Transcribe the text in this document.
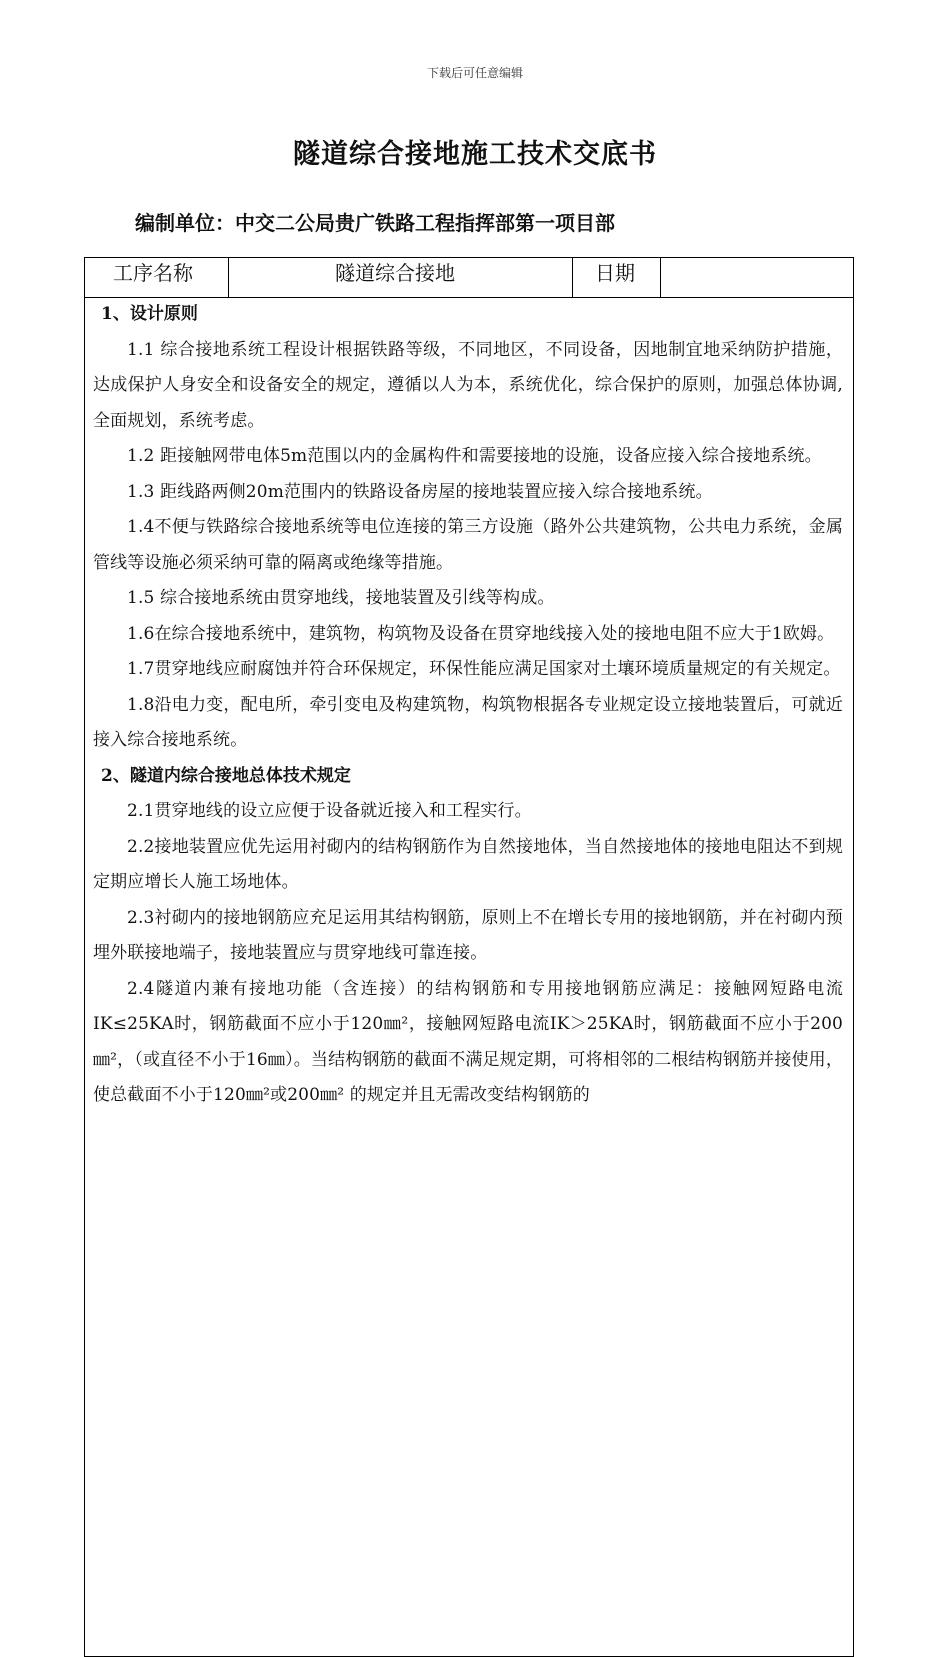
下载后可任意编辑
隧道综合接地施工技术交底书
编制单位：中交二公局贵广铁路工程指挥部第一项目部
工序名称	隧道综合接地	日期

1、设计原则

1.1 综合接地系统工程设计根据铁路等级，不同地区，不同设备，因地制宜地采纳防护措施，达成保护人身安全和设备安全的规定，遵循以人为本，系统优化，综合保护的原则，加强总体协调,全面规划，系统考虑。

1.2 距接触网带电体5m范围以内的金属构件和需要接地的设施，设备应接入综合接地系统。

1.3 距线路两侧20m范围内的铁路设备房屋的接地装置应接入综合接地系统。

1.4不便与铁路综合接地系统等电位连接的第三方设施（路外公共建筑物，公共电力系统，金属管线等设施必须采纳可靠的隔离或绝缘等措施。

1.5 综合接地系统由贯穿地线，接地装置及引线等构成。

1.6在综合接地系统中，建筑物，构筑物及设备在贯穿地线接入处的接地电阻不应大于1欧姆。

1.7贯穿地线应耐腐蚀并符合环保规定，环保性能应满足国家对土壤环境质量规定的有关规定。

1.8沿电力变，配电所，牵引变电及构建筑物，构筑物根据各专业规定设立接地装置后，可就近接入综合接地系统。

2、隧道内综合接地总体技术规定

2.1贯穿地线的设立应便于设备就近接入和工程实行。

2.2接地装置应优先运用衬砌内的结构钢筋作为自然接地体，当自然接地体的接地电阻达不到规定期应增长人施工场地体。

2.3衬砌内的接地钢筋应充足运用其结构钢筋，原则上不在增长专用的接地钢筋，并在衬砌内预埋外联接地端子，接地装置应与贯穿地线可靠连接。

2.4隧道内兼有接地功能（含连接）的结构钢筋和专用接地钢筋应满足：接触网短路电流IK≤25KA时，钢筋截面不应小于120㎜²，接触网短路电流IK＞25KA时，钢筋截面不应小于200㎜²，（或直径不小于16㎜）。当结构钢筋的截面不满足规定期，可将相邻的二根结构钢筋并接使用，使总截面不小于120㎜²或200㎜² 的规定并且无需改变结构钢筋的
